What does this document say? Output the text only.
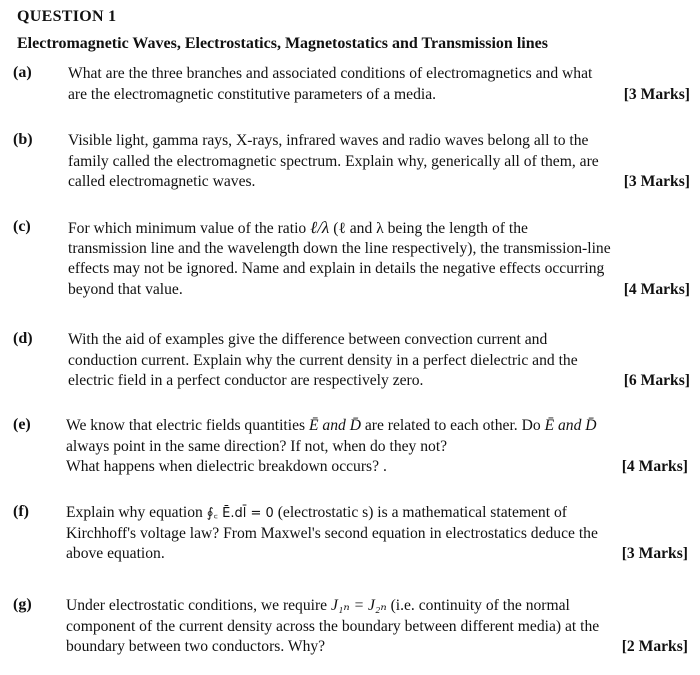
QUESTION 1
Electromagnetic Waves, Electrostatics, Magnetostatics and Transmission lines
(a) What are the three branches and associated conditions of electromagnetics and what
are the electromagnetic constitutive parameters of a media.	[3 Marks]
(b) Visible light, gamma rays, X-rays, infrared waves and radio waves belong all to the
family called the electromagnetic spectrum. Explain why, generically all of them, are
called electromagnetic waves.	[3 Marks]
(c) For which minimum value of the ratio ℓ/λ (ℓ and λ being the length of the
transmission line and the wavelength down the line respectively), the transmission-line
effects may not be ignored. Name and explain in details the negative effects occurring
beyond that value.	[4 Marks]
(d) With the aid of examples give the difference between convection current and
conduction current. Explain why the current density in a perfect dielectric and the
electric field in a perfect conductor are respectively zero.	[6 Marks]
(e) We know that electric fields quantities Ē and D̄ are related to each other. Do Ē and D̄
always point in the same direction? If not, when do they not?
What happens when dielectric breakdown occurs? .	[4 Marks]
(f) Explain why equation ∮꜀ Ē.dl̄ = 0 (electrostatic s) is a mathematical statement of
Kirchhoff's voltage law? From Maxwel's second equation in electrostatics deduce the
above equation.	[3 Marks]
(g) Under electrostatic conditions, we require J₁ₙ = J₂ₙ (i.e. continuity of the normal
component of the current density across the boundary between different media) at the
boundary between two conductors. Why?	[2 Marks]
